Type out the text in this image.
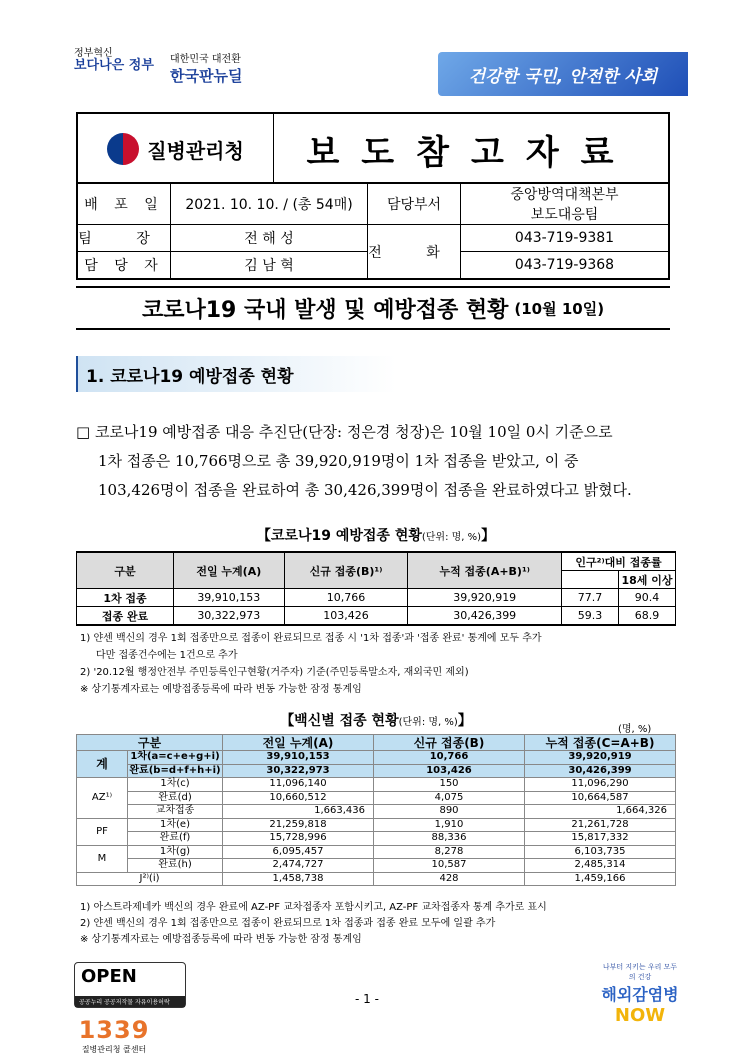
정부혁신
보다나은 정부 대한민국 대전환
한국판뉴딜	건강한 국민, 안전한 사회
질병관리청	보도참고자료
배 포 일	2021. 10. 10. / (총 54매)	담당부서	중앙방역대책본부
보도대응팀

팀 장	전 해 성	전 화	043-719-9381
담 당 자	김 남 혁		043-719-9368
코로나19 국내 발생 및 예방접종 현황 (10월 10일)
1. 코로나19 예방접종 현황

□ 코로나19 예방접종 대응 추진단(단장: 정은경 청장)은 10월 10일 0시 기준으로

1차 접종은 10,766명으로 총 39,920,919명이 1차 접종을 받았고, 이 중

103,426명이 접종을 완료하여 총 30,426,399명이 접종을 완료하였다고 밝혔다.

【코로나19 예방접종 현황(단위: 명, %)】
구분	전일 누계(A)	신규 접종(B)¹⁾	누적 접종(A+B)¹⁾	인구²⁾대비 접종률	
					18세 이상
1차 접종	39,910,153	10,766	39,920,919	77.7	90.4
접종 완료	30,322,973	103,426	30,426,399	59.3	68.9
1) 얀센 백신의 경우 1회 접종만으로 접종이 완료되므로 접종 시 '1차 접종'과 '접종 완료' 통계에 모두 추가
다만 접종건수에는 1건으로 추가
2) '20.12월 행정안전부 주민등록인구현황(거주자) 기준(주민등록말소자, 재외국민 제외)
※ 상기통계자료는 예방접종등록에 따라 변동 가능한 잠정 통계임
【백신별 접종 현황(단위: 명, %)】
(명, %)
구분		전일 누계(A)	신규 접종(B)	누적 접종(C=A+B)
계	1차(a=c+e+g+i)	39,910,153	10,766	39,920,919
	완료(b=d+f+h+i)	30,322,973	103,426	30,426,399
AZ¹⁾	1차(c)	11,096,140	150	11,096,290
	완료(d)	10,660,512	4,075	10,664,587
	교차접종	1,663,436	890	1,664,326
PF	1차(e)	21,259,818	1,910	21,261,728
	완료(f)	15,728,996	88,336	15,817,332
M	1차(g)	6,095,457	8,278	6,103,735
	완료(h)	2,474,727	10,587	2,485,314
J²⁾(i)		1,458,738	428	1,459,166
1) 아스트라제네카 백신의 경우 완료에 AZ-PF 교차접종자 포함시키고, AZ-PF 교차접종자 통계 추가로 표시
2) 얀센 백신의 경우 1회 접종만으로 접종이 완료되므로 1차 접종과 접종 완료 모두에 일괄 추가
※ 상기통계자료는 예방접종등록에 따라 변동 가능한 잠정 통계임
OPEN
공공누리 공공저작물 자유이용허락	- 1 -
나부터 지키는 우리 모두의 건강
해외감염병
NOW
1339
질병관리청 콜센터
